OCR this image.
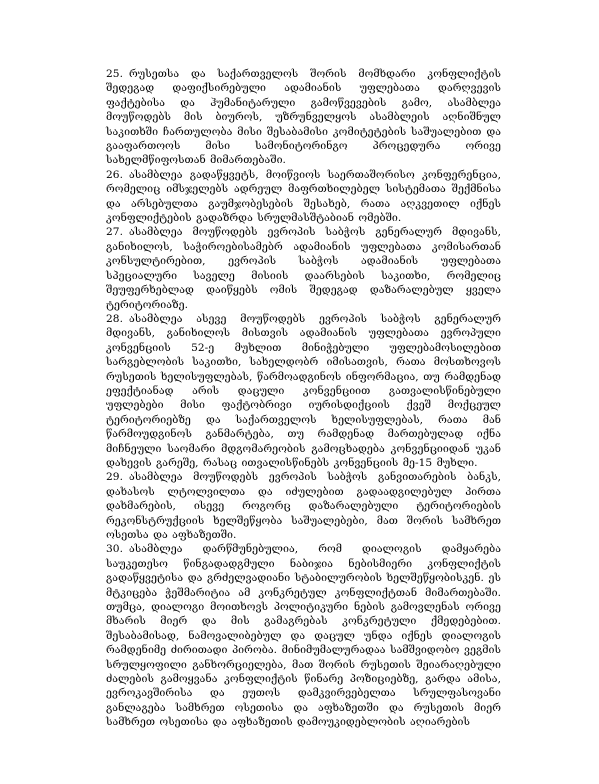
25. რუსეთსა და საქართველოს შორის მომხდარი კონფლიქტის შედეგად დაფიქსირებული ადამიანის უფლებათა დარღვევის ფაქტებისა და ჰუმანიტარული გამოწვევების გამო, ასამბლეა მოუწოდებს მის ბიუროს, უზრუნველყოს ასამბლეის აღნიშნულ საკითხში ჩართულობა მისი შესაბამისი კომიტეტების საშუალებით და გააფართოოს მისი სამონიტორინგო პროცედურა ორივე სახელმწიფოსთან მიმართებაში.

26. ასამბლეა გადაწყვეტს, მოიწვიოს საერთაშორისო კონფერენცია, რომელიც იმსჯელებს ადრეულ მაფრთხილებელ სისტემათა შექმნისა და არსებულთა გაუმჯობესების შესახებ, რათა აღკვეთილ იქნეს კონფლიქტების გადაზრდა სრულმასშტაბიან ომებში.

27. ასამბლეა მოუწოდებს ევროპის საბჭოს გენერალურ მდივანს, განიხილოს, საჭიროებისამებრ ადამიანის უფლებათა კომისართან კონსულტირებით, ევროპის საბჭოს ადამიანის უფლებათა სპეციალური საველე მისიის დაარსების საკითხი, რომელიც შეუფერხებლად დაიწყებს ომის შედეგად დაზარალებულ ყველა ტერიტორიაზე.

28. ასამბლეა ასევე მოუწოდებს ევროპის საბჭოს გენერალურ მდივანს, განიხილოს მისთვის ადამიანის უფლებათა ევროპული კონვენციის 52-ე მუხლით მინიჭებული უფლებამოსილებით სარგებლობის საკითხი, სახელდობრ იმისათვის, რათა მოსთხოვოს რუსეთის ხელისუფლებას, წარმოადგინოს ინფორმაცია, თუ რამდენად ეფექტიანად არის დაცული კონვენციით გათვალისწინებული უფლებები მისი ფაქტობრივი იურისდიქციის ქვეშ მოქცეულ ტერიტორიებზე და საქართველოს ხელისუფლებას, რათა მან წარმოუდგინოს განმარტება, თუ რამდენად მართებულად იქნა მიჩნეული საომარი მდგომარეობის გამოცხადება კონვენციიდან უკან დახევის გარეშე, რასაც ითვალისწინებს კონვენციის მე-15 მუხლი.

29. ასამბლეა მოუწოდებს ევროპის საბჭოს განვითარების ბანკს, დახასოს ლტოლვილთა და იძულებით გადაადგილებულ პირთა დახმარების, ისევე როგორც დაზარალებული ტერიტორიების რეკონსტრუქციის ხელშეწყობა საშუალებები, მათ შორის სამხრეთ ოსეთსა და აფხაზეთში.

30. ასამბლეა დარწმუნებულია, რომ დიალოგის დამყარება საუკეთესო წინგადადგმული ნაბიჯია ნებისმიერი კონფლიქტის გადაწყვეტისა და გრძელვადიანი სტაბილურობის ხელშეწყობისკენ. ეს მტკიცება ჭეშმარიტია ამ კონკრეტულ კონფლიქტთან მიმართებაში. თუმცა, დიალოგი მოითხოვს პოლიტიკური ნების გამოვლენას ორივე მხარის მიერ და მის გამაგრებას კონკრეტული ქმედებებით. შესაბამისად, ნამოვალიბებულ და დაცულ უნდა იქნეს დიალოგის რამდენიმე ძირითადი პირობა. მინიმუმალურადაა სამშვიდობო ვეგმის სრულყოფილი განხორციელება, მათ შორის რუსეთის შეიარაღებული ძალების გამოყვანა კონფლიქტის წინარე პოზიციებზე, გარდა ამისა, ევროკავშირისა და ეუთოს დამკვირვებელთა სრულფასოვანი განლაგება სამხრეთ ოსეთისა და აფხაზეთში და რუსეთის მიერ სამხრეთ ოსეთისა და აფხაზეთის დამოუკიდებლობის აღიარების
